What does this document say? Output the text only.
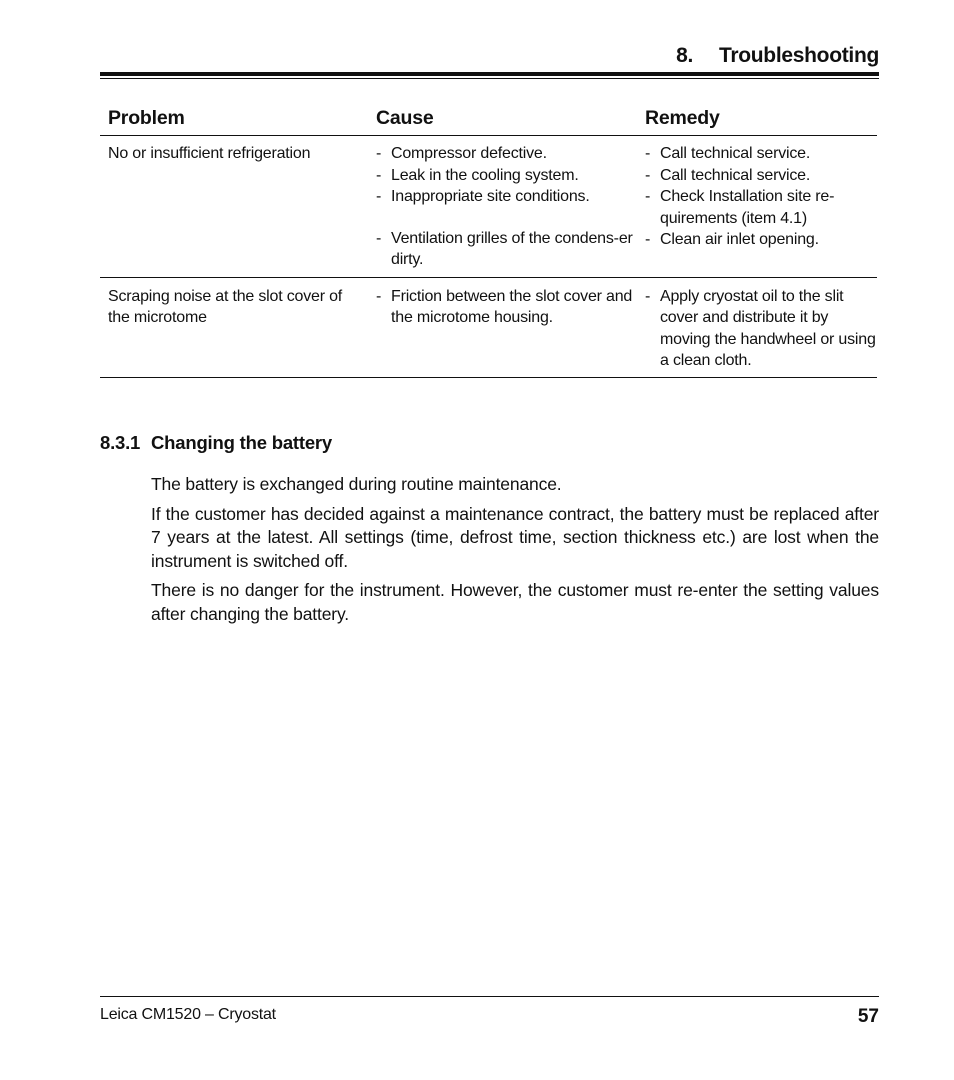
8. Troubleshooting
Problem	Cause	Remedy
No or insufficient refrigeration
-	Compressor defective.
- Leak in the cooling system.
- Inappropriate site conditions.
- Ventilation grilles of the condens-er dirty.
- Call technical service.
- Call technical service.
- Check Installation site re-quirements (item 4.1)
- Clean air inlet opening.
Scraping noise at the slot cover of the microtome
- Friction between the slot cover and the microtome housing.
- Apply cryostat oil to the slit cover and distribute it by moving the handwheel or using a clean cloth.
8.3.1 Changing the battery

The battery is exchanged during routine maintenance.

If the customer has decided against a maintenance contract, the battery must be replaced after 7 years at the latest. All settings (time, defrost time, section thickness etc.) are lost when the instrument is switched off.

There is no danger for the instrument. However, the customer must re-enter the setting values after changing the battery.

Leica CM1520 – Cryostat	57
